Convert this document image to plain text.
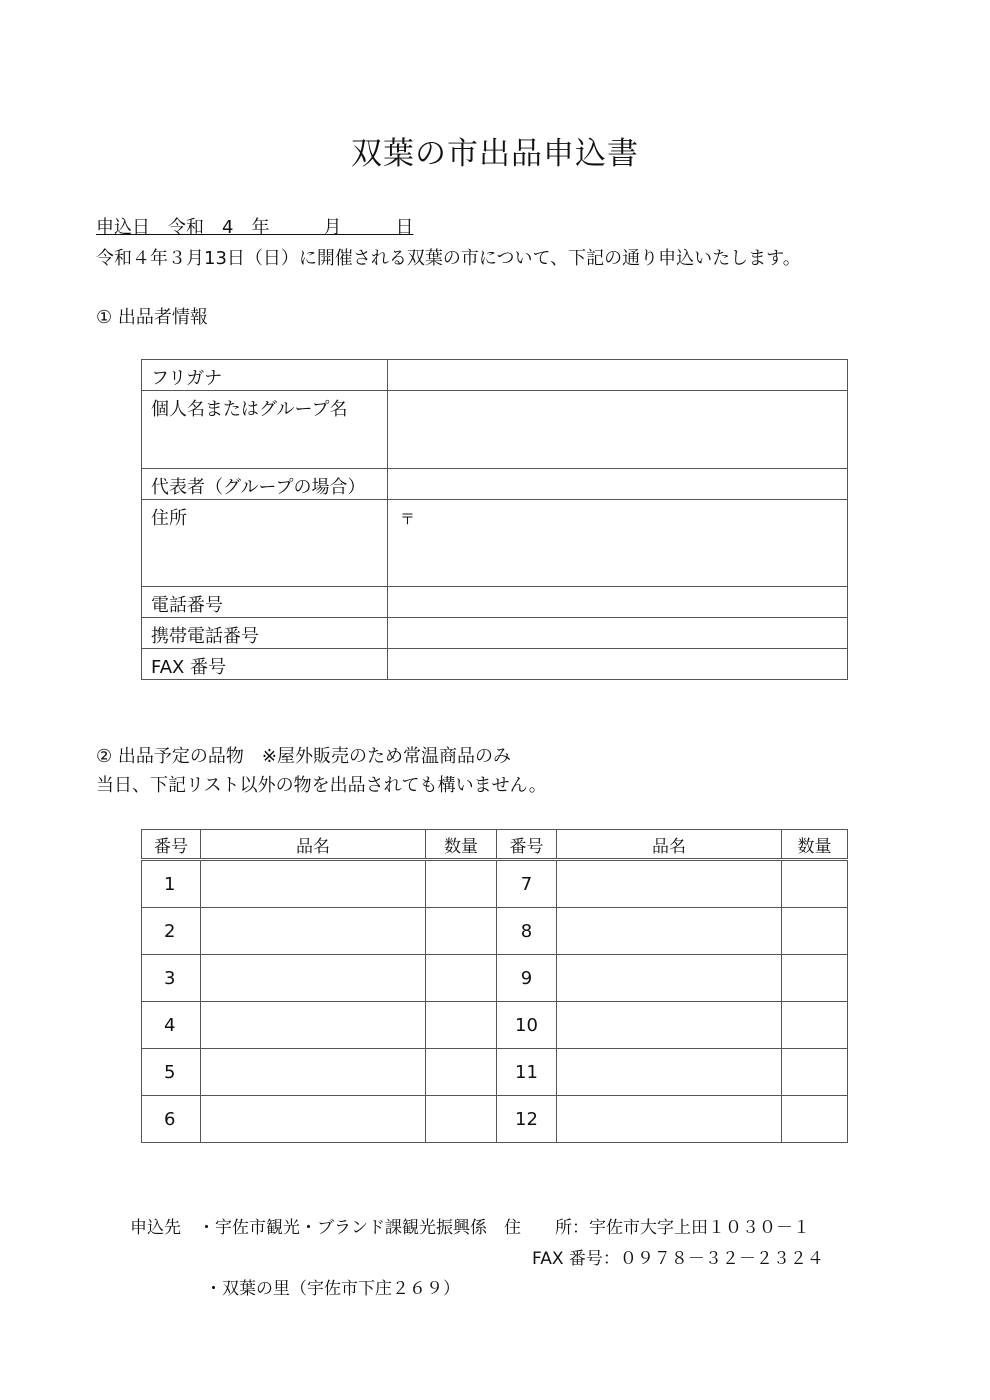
双葉の市出品申込書
申込日　令和　4　年　　　月　　　日
令和４年３月13日（日）に開催される双葉の市について、下記の通り申込いたします。
① 出品者情報
フリガナ	
個人名またはグループ名	
代表者（グループの場合）	
住所	〒
電話番号	
携帯電話番号	
FAX 番号	
② 出品予定の品物 ※屋外販売のため常温商品のみ
当日、下記リスト以外の物を出品されても構いません。
番号	品名	数量	番号	品名	数量
1			7		
2			8		
3			9		
4			10		
5			11		
6			12		
申込先　・宇佐市観光・ブランド課観光振興係　住　　所：宇佐市大字上田１０３０－１
FAX 番号：０９７８－３２－２３２４
・双葉の里（宇佐市下庄２６９）
